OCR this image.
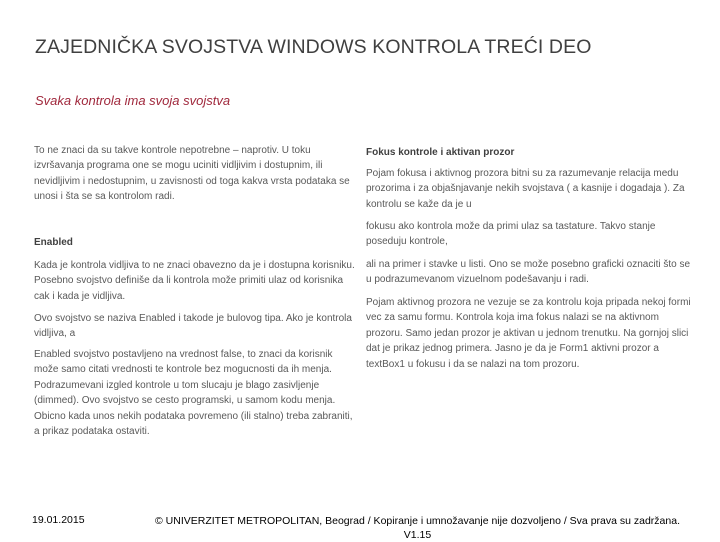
ZAJEDNIČKA SVOJSTVA WINDOWS KONTROLA TREĆI DEO
Svaka kontrola ima svoja svojstva

To ne znaci da su takve kontrole nepotrebne – naprotiv. U toku izvršavanja programa one se mogu uciniti vidljivim i dostupnim, ili nevidljivim i nedostupnim, u zavisnosti od toga kakva vrsta podataka se unosi i šta se sa kontrolom radi.

Enabled
Kada je kontrola vidljiva to ne znaci obavezno da je i dostupna korisniku. Posebno svojstvo definiše da li kontrola može primiti ulaz od korisnika cak i kada je vidljiva.
Ovo svojstvo se naziva Enabled i takode je bulovog tipa. Ako je kontrola vidljiva, a
Enabled svojstvo postavljeno na vrednost false, to znaci da korisnik može samo citati vrednosti te kontrole bez mogucnosti da ih menja. Podrazumevani izgled kontrole u tom slucaju je blago zasivljenje (dimmed). Ovo svojstvo se cesto programski, u samom kodu menja. Obicno kada unos nekih podataka povremeno (ili stalno) treba zabraniti, a prikaz podataka ostaviti.
Fokus kontrole i aktivan prozor
Pojam fokusa i aktivnog prozora bitni su za razumevanje relacija medu prozorima i za objašnjavanje nekih svojstava ( a kasnije i dogadaja ). Za kontrolu se kaže da je u
fokusu ako kontrola može da primi ulaz sa tastature. Takvo stanje poseduju kontrole,
ali na primer i stavke u listi. Ono se može posebno graficki oznaciti što se u podrazumevanom vizuelnom podešavanju i radi.
Pojam aktivnog prozora ne vezuje se za kontrolu koja pripada nekoj formi vec za samu formu. Kontrola koja ima fokus nalazi se na aktivnom prozoru. Samo jedan prozor je aktivan u jednom trenutku. Na gornjoj slici dat je prikaz jednog primera. Jasno je da je Form1 aktivni prozor a textBox1 u fokusu i da se nalazi na tom prozoru.
19.01.2015	© UNIVERZITET METROPOLITAN, Beograd / Kopiranje i umnožavanje nije dozvoljeno / Sva prava su zadržana.
V1.15
